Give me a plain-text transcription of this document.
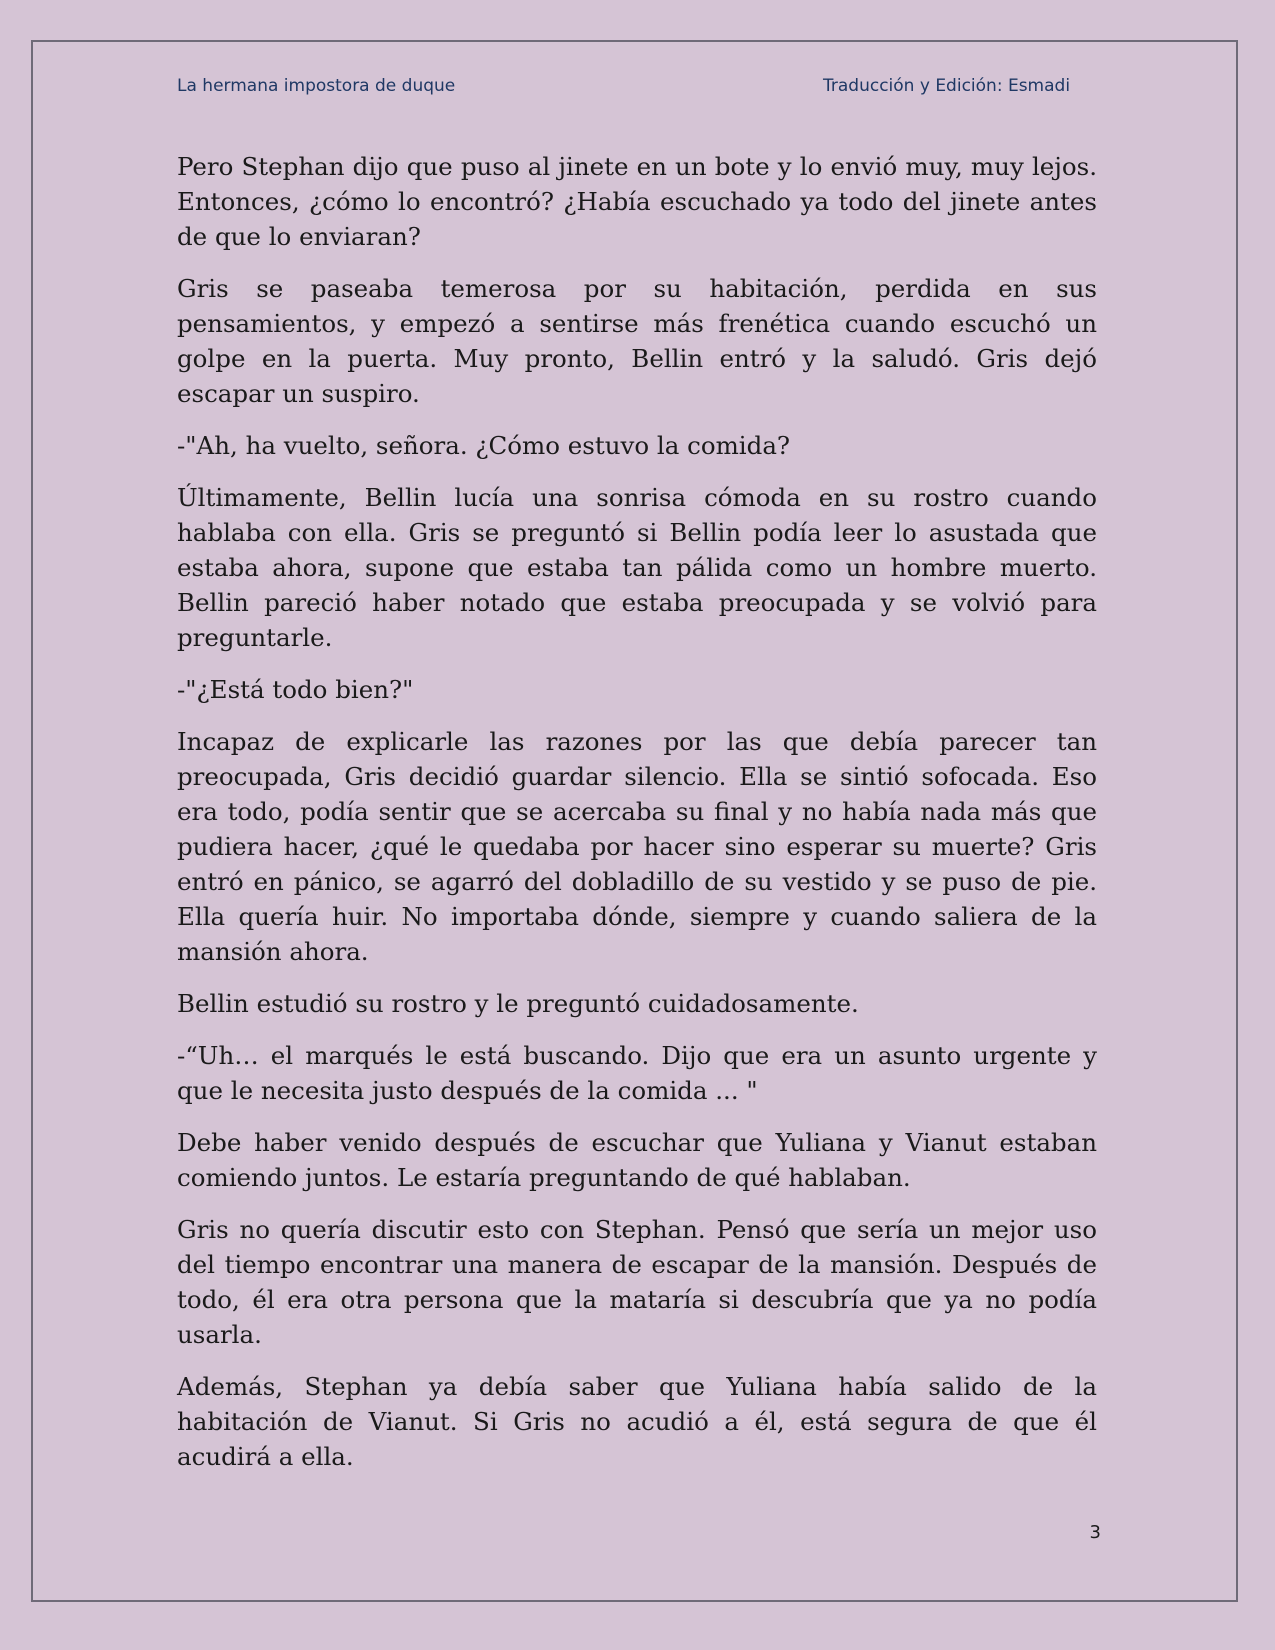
La hermana impostora de duque	Traducción y Edición: Esmadi

Pero Stephan dijo que puso al jinete en un bote y lo envió muy, muy lejos. Entonces, ¿cómo lo encontró? ¿Había escuchado ya todo del jinete antes de que lo enviaran?

Gris se paseaba temerosa por su habitación, perdida en sus pensamientos, y empezó a sentirse más frenética cuando escuchó un golpe en la puerta. Muy pronto, Bellin entró y la saludó. Gris dejó escapar un suspiro.

-"Ah, ha vuelto, señora. ¿Cómo estuvo la comida?

Últimamente, Bellin lucía una sonrisa cómoda en su rostro cuando hablaba con ella. Gris se preguntó si Bellin podía leer lo asustada que estaba ahora, supone que estaba tan pálida como un hombre muerto. Bellin pareció haber notado que estaba preocupada y se volvió para preguntarle.

-"¿Está todo bien?"

Incapaz de explicarle las razones por las que debía parecer tan preocupada, Gris decidió guardar silencio. Ella se sintió sofocada. Eso era todo, podía sentir que se acercaba su final y no había nada más que pudiera hacer, ¿qué le quedaba por hacer sino esperar su muerte? Gris entró en pánico, se agarró del dobladillo de su vestido y se puso de pie. Ella quería huir. No importaba dónde, siempre y cuando saliera de la mansión ahora.

Bellin estudió su rostro y le preguntó cuidadosamente.

-“Uh… el marqués le está buscando. Dijo que era un asunto urgente y que le necesita justo después de la comida ... "

Debe haber venido después de escuchar que Yuliana y Vianut estaban comiendo juntos. Le estaría preguntando de qué hablaban.

Gris no quería discutir esto con Stephan. Pensó que sería un mejor uso del tiempo encontrar una manera de escapar de la mansión. Después de todo, él era otra persona que la mataría si descubría que ya no podía usarla.

Además, Stephan ya debía saber que Yuliana había salido de la habitación de Vianut. Si Gris no acudió a él, está segura de que él acudirá a ella.

3
